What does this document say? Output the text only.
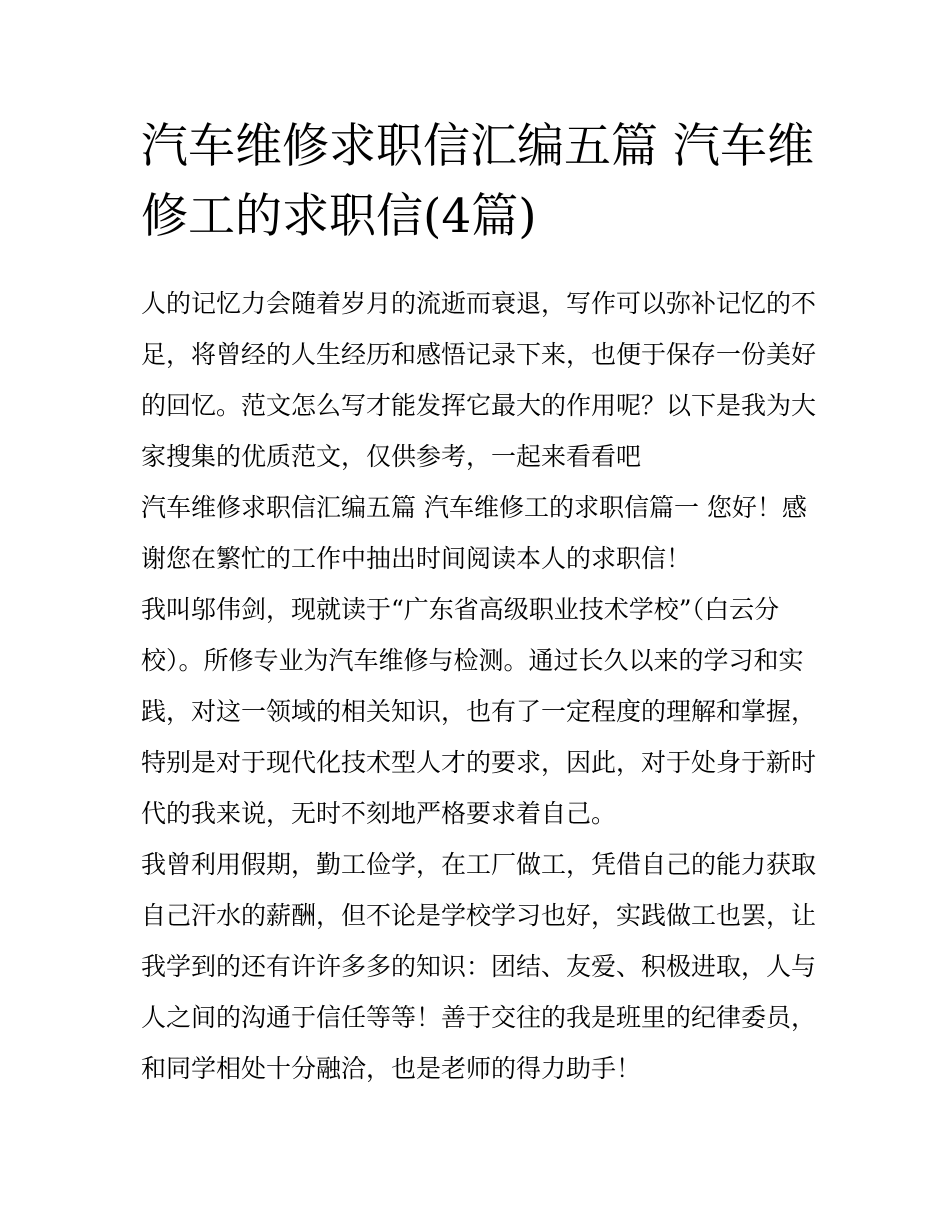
汽车维修求职信汇编五篇 汽车维修工的求职信(4篇)

人的记忆力会随着岁月的流逝而衰退，写作可以弥补记忆的不足，将曾经的人生经历和感悟记录下来，也便于保存一份美好的回忆。范文怎么写才能发挥它最大的作用呢？以下是我为大家搜集的优质范文，仅供参考，一起来看看吧

汽车维修求职信汇编五篇 汽车维修工的求职信篇一 您好！感谢您在繁忙的工作中抽出时间阅读本人的求职信！

我叫邬伟剑，现就读于“广东省高级职业技术学校”（白云分校）。所修专业为汽车维修与检测。通过长久以来的学习和实践，对这一领域的相关知识，也有了一定程度的理解和掌握，特别是对于现代化技术型人才的要求，因此，对于处身于新时代的我来说，无时不刻地严格要求着自己。

我曾利用假期，勤工俭学，在工厂做工，凭借自己的能力获取自己汗水的薪酬，但不论是学校学习也好，实践做工也罢，让我学到的还有许许多多的知识：团结、友爱、积极进取，人与人之间的沟通于信任等等！善于交往的我是班里的纪律委员，和同学相处十分融洽，也是老师的得力助手！
